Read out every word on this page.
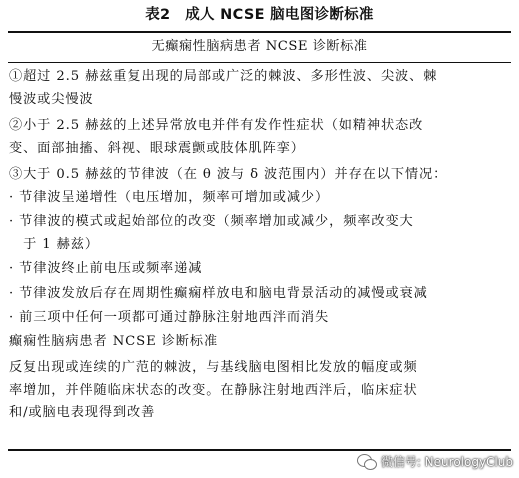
表2　成人 NCSE 脑电图诊断标准
无癫痫性脑病患者 NCSE 诊断标准

①超过 2.5 赫兹重复出现的局部或广泛的棘波、多形性波、尖波、棘

慢波或尖慢波

②小于 2.5 赫兹的上述异常放电并伴有发作性症状（如精神状态改

变、面部抽搐、斜视、眼球震颤或肢体肌阵挛）

③大于 0.5 赫兹的节律波（在 θ 波与 δ 波范围内）并存在以下情况：

· 节律波呈递增性（电压增加，频率可增加或减少）

· 节律波的模式或起始部位的改变（频率增加或减少，频率改变大

　于 1 赫兹）

· 节律波终止前电压或频率递减

· 节律波发放后存在周期性癫痫样放电和脑电背景活动的减慢或衰减

· 前三项中任何一项都可通过静脉注射地西泮而消失

癫痫性脑病患者 NCSE 诊断标准

反复出现或连续的广范的棘波，与基线脑电图相比发放的幅度或频

率增加，并伴随临床状态的改变。在静脉注射地西泮后，临床症状

和/或脑电表现得到改善

微信号: NeurologyClub
